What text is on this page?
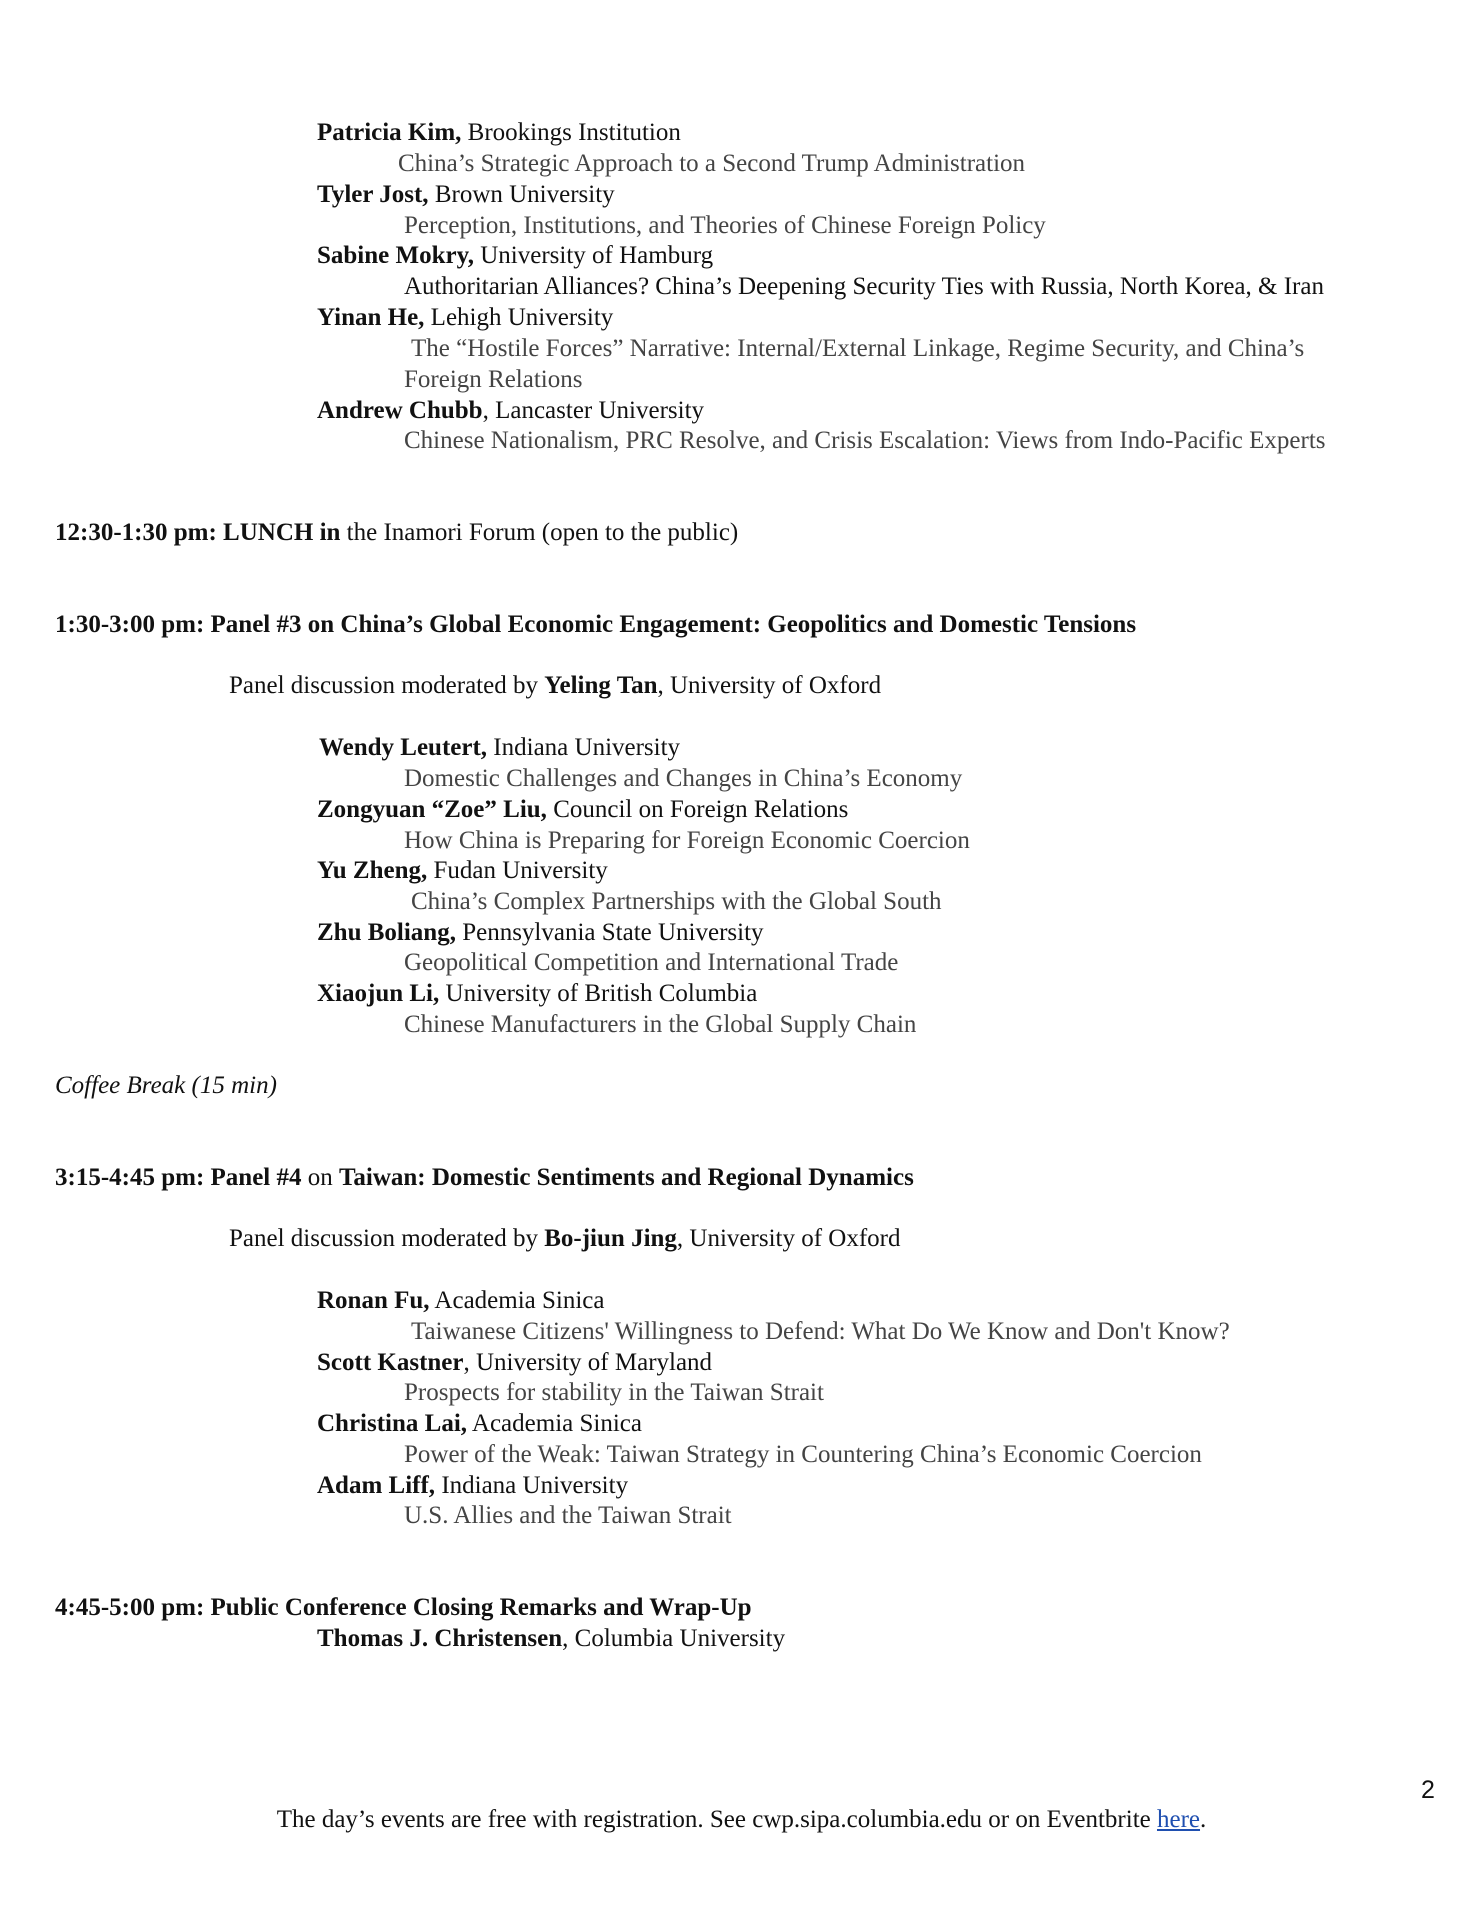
Patricia Kim, Brookings Institution
China’s Strategic Approach to a Second Trump Administration
Tyler Jost, Brown University
Perception, Institutions, and Theories of Chinese Foreign Policy
Sabine Mokry, University of Hamburg
Authoritarian Alliances? China’s Deepening Security Ties with Russia, North Korea, & Iran
Yinan He, Lehigh University
The “Hostile Forces” Narrative: Internal/External Linkage, Regime Security, and China’s
Foreign Relations
Andrew Chubb, Lancaster University
Chinese Nationalism, PRC Resolve, and Crisis Escalation: Views from Indo-Pacific Experts
12:30-1:30 pm: LUNCH in the Inamori Forum (open to the public)
1:30-3:00 pm: Panel #3 on China’s Global Economic Engagement: Geopolitics and Domestic Tensions
Panel discussion moderated by Yeling Tan, University of Oxford
Wendy Leutert, Indiana University
Domestic Challenges and Changes in China’s Economy
Zongyuan “Zoe” Liu, Council on Foreign Relations
How China is Preparing for Foreign Economic Coercion
Yu Zheng, Fudan University
China’s Complex Partnerships with the Global South
Zhu Boliang, Pennsylvania State University
Geopolitical Competition and International Trade
Xiaojun Li, University of British Columbia
Chinese Manufacturers in the Global Supply Chain
Coffee Break (15 min)
3:15-4:45 pm: Panel #4 on Taiwan: Domestic Sentiments and Regional Dynamics
Panel discussion moderated by Bo-jiun Jing, University of Oxford
Ronan Fu, Academia Sinica
Taiwanese Citizens' Willingness to Defend: What Do We Know and Don't Know?
Scott Kastner, University of Maryland
Prospects for stability in the Taiwan Strait
Christina Lai, Academia Sinica
Power of the Weak: Taiwan Strategy in Countering China’s Economic Coercion
Adam Liff, Indiana University
U.S. Allies and the Taiwan Strait
4:45-5:00 pm: Public Conference Closing Remarks and Wrap-Up
Thomas J. Christensen, Columbia University
2
The day’s events are free with registration. See cwp.sipa.columbia.edu or on Eventbrite here.
